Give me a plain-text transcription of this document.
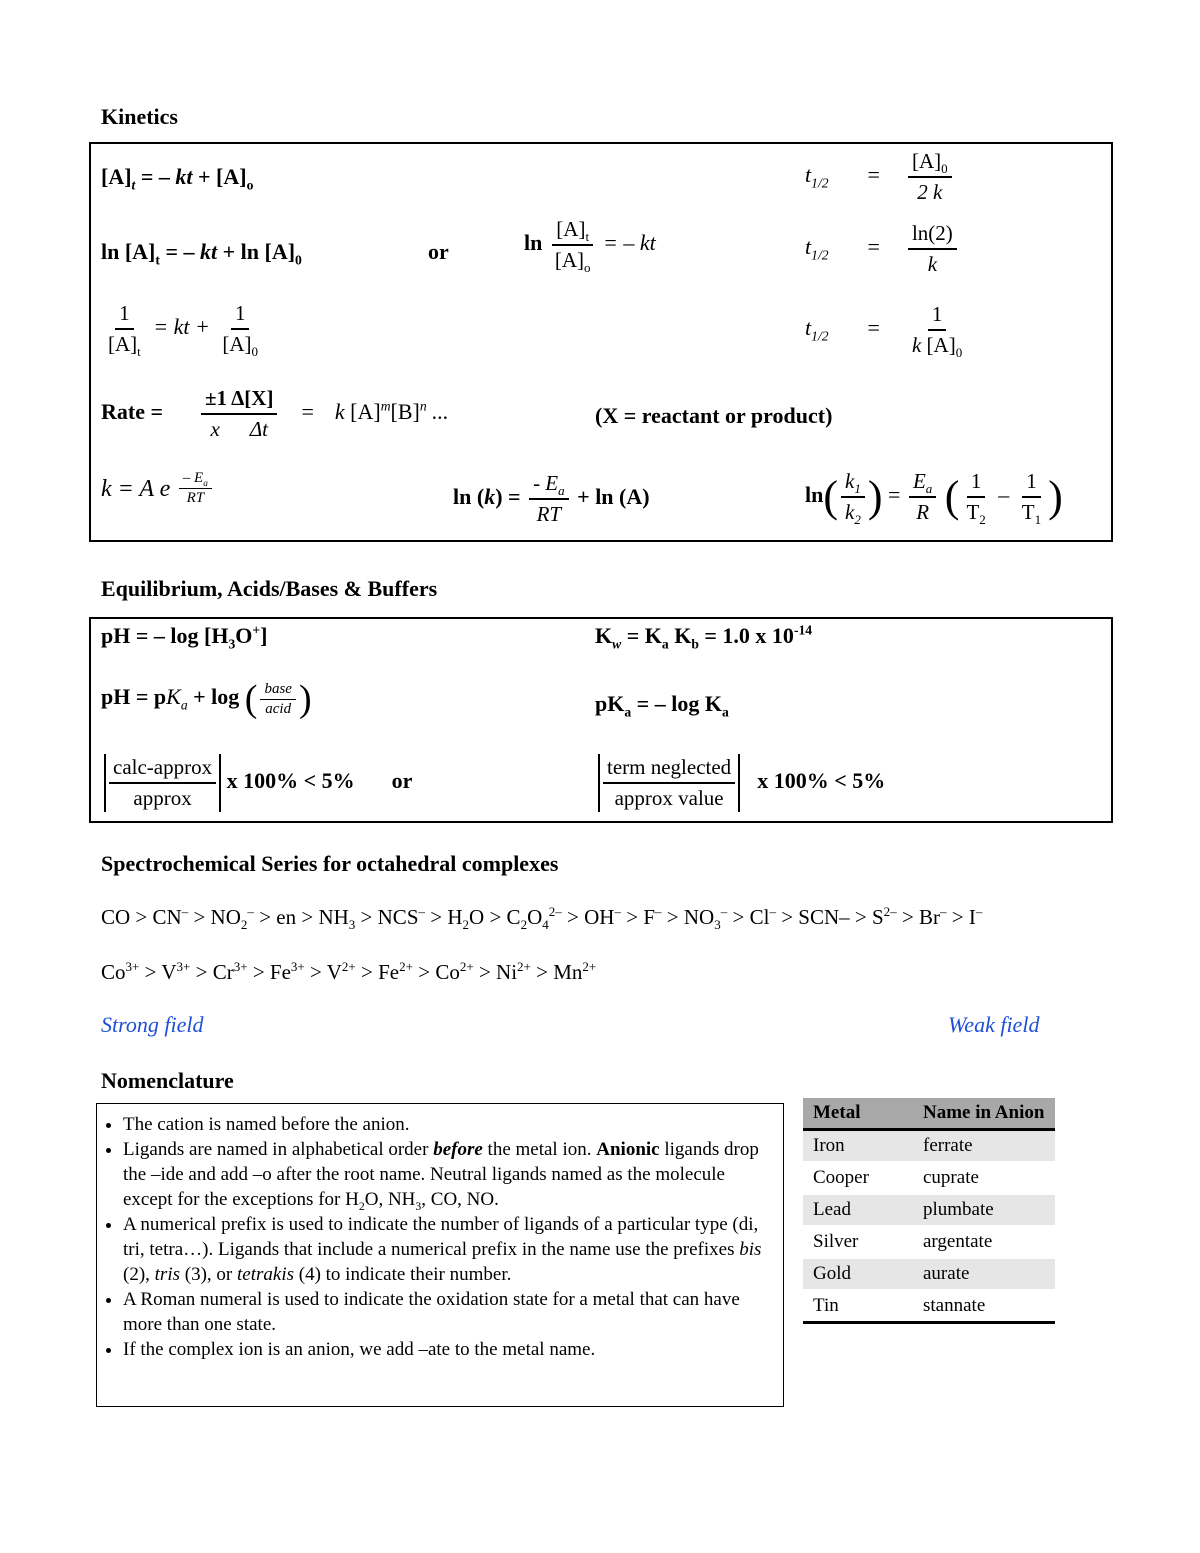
Kinetics
$[A]_t$ = – kt + $[A]_o$	$t_{1/2} = \frac{[A]_0}{2 k}$
$\ln [A]_t$ = – kt + $\ln [A]_0$	or	$\ln \frac{[A]_t}{[A]_o}$ = – kt	$t_{1/2} = \frac{\ln(2)}{k}$
$\frac{1}{[A]_t}$ = kt + $\frac{1}{[A]_0}$	$t_{1/2} = \frac{1}{k [A]_0}$
Rate = $\frac{\pm 1 \Delta[X]}{\text{x Δt}} = k$ $[A]^m[B]^n$ ...	(X = reactant or product)
k = A e $\frac{- E_a}{RT}$	$\ln (k) = \frac{- E_a}{RT} + \ln (A)$	$\ln( \frac{k_1}{k_2}$ ) = $\frac{E_a}{R}$ ( $\frac{1}{T_2} - \frac{1}{T_1}$ )
Equilibrium, Acids/Bases & Buffers
pH = – $\log [H_3O^+]$	$K_w = K_a$ $K_b = 1.0$ x $10^{-14}$
pH = $pK_a + \log$ ( $\frac{\text{base}}{\text{acid}}$ )	$pK_a$ = – $\log K_a$
$\frac{\text{calc-approx}}{\text{approx}}$ x 100% < 5% or	$\frac{\text{term neglected}}{\text{approx value}}$ x 100% < 5%
Spectrochemical Series for octahedral complexes
CO > $CN^- > NO_2^-$ > en > $NH_3 > NCS^- > H_2O > C_2O_4^{2-} > OH^- > F^- > NO_3^- > Cl^- > SCN- > S^{2-} > Br^- > I^-$
$Co^{3+} > V^{3+} > Cr^{3+} > Fe^{3+} > V^{2+} > Fe^{2+} > Co^{2+} > Ni^{2+} > Mn^{2+}$
Strong field	Weak field
Nomenclature
• The cation is named before the anion.
• Ligands are named in alphabetical order before the metal ion. Anionic ligands drop the –ide and add –o after the root name. Neutral ligands named as the molecule except for the exceptions for $H_2O$, $NH_3$, CO, NO.
• A numerical prefix is used to indicate the number of ligands of a particular type (di, tri, tetra…). Ligands that include a numerical prefix in the name use the prefixes bis (2), tris (3), or tetrakis (4) to indicate their number.
• A Roman numeral is used to indicate the oxidation state for a metal that can have more than one state.
• If the complex ion is an anion, we add –ate to the metal name.
Metal	Name in Anion
Iron	ferrate
Cooper	cuprate
Lead	plumbate
Silver	argentate
Gold	aurate
Tin	stannate
